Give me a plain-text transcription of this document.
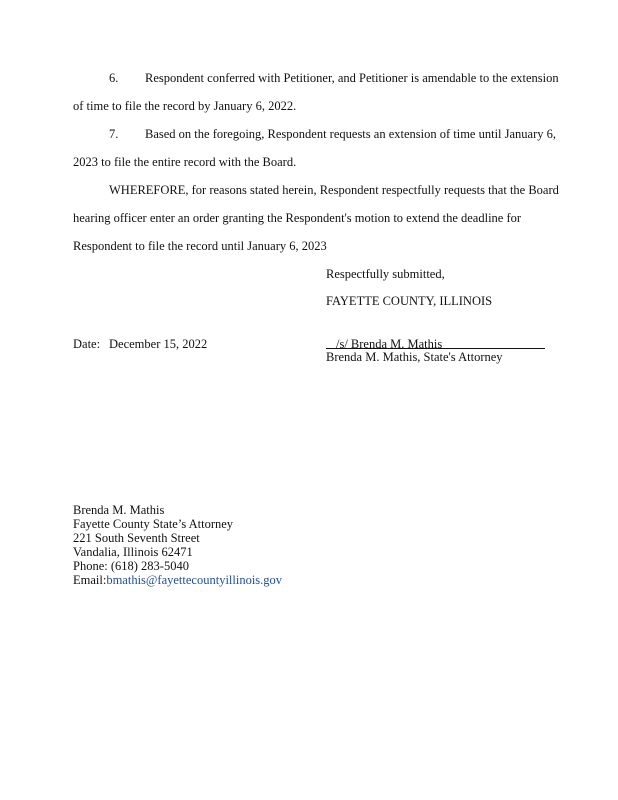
6. Respondent conferred with Petitioner, and Petitioner is amendable to the extension
of time to file the record by January 6, 2022.
7. Based on the foregoing, Respondent requests an extension of time until January 6,
2023 to file the entire record with the Board.
WHEREFORE, for reasons stated herein, Respondent respectfully requests that the Board
hearing officer enter an order granting the Respondent's motion to extend the deadline for
Respondent to file the record until January 6, 2023
Respectfully submitted,
FAYETTE COUNTY, ILLINOIS
Date: December 15, 2022	/s/ Brenda M. Mathis
Brenda M. Mathis, State's Attorney
Brenda M. Mathis
Fayette County State’s Attorney
221 South Seventh Street
Vandalia, Illinois 62471
Phone: (618) 283-5040
Email:bmathis@fayettecountyillinois.gov
